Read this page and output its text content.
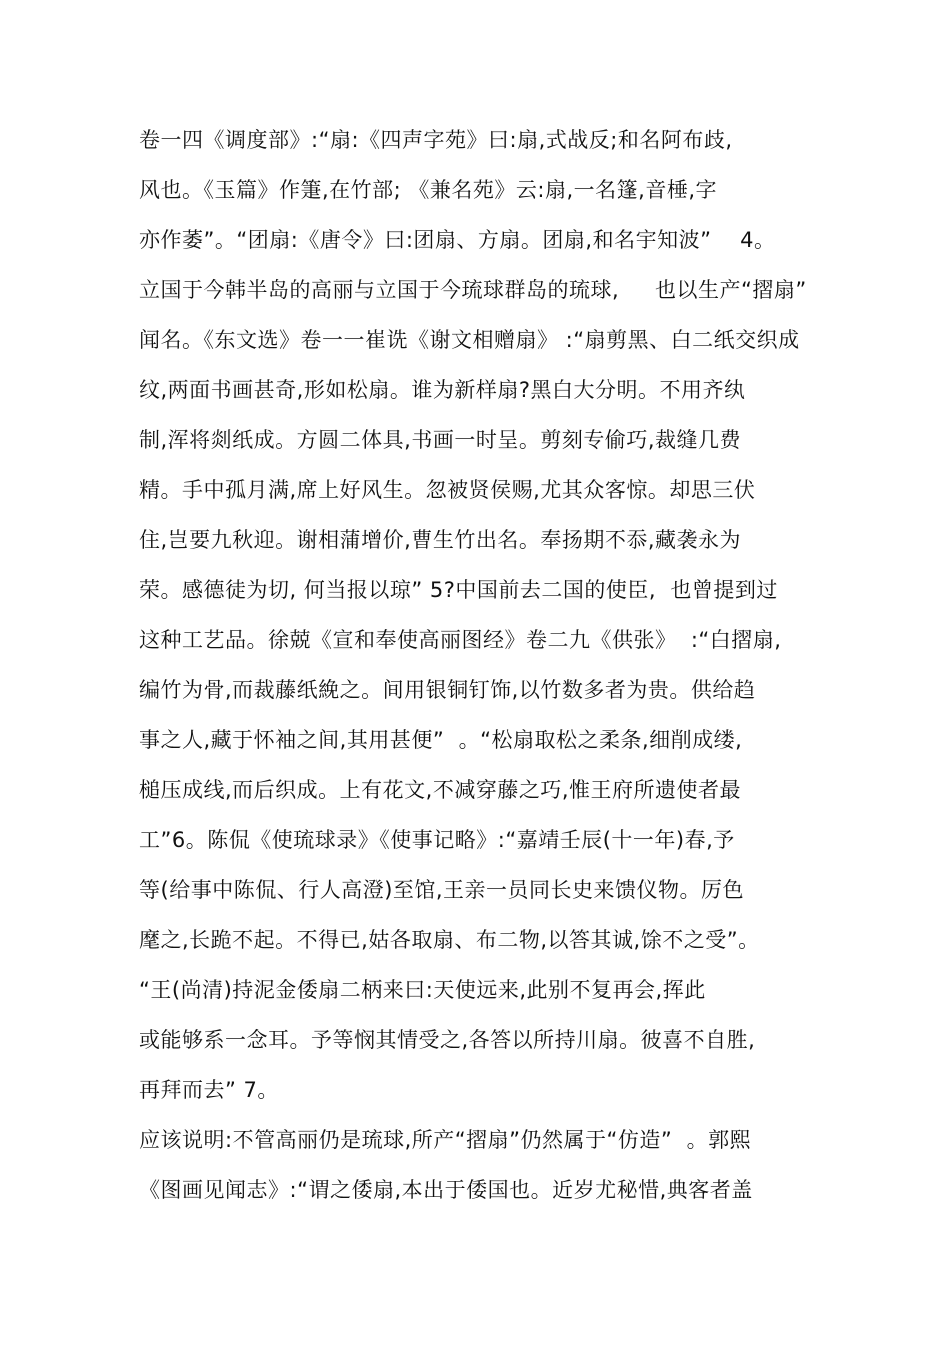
卷一四《调度部》:“扇:《四声字苑》曰:扇,式战反;和名阿布歧,
风也。《玉篇》作箑,在竹部; 《兼名苑》云:扇,一名篷,音棰,字
亦作萎”。“团扇:《唐令》曰:团扇、方扇。团扇,和名宇知波”    4。
立国于今韩半岛的高丽与立国于今琉球群岛的琉球,     也以生产“摺扇”
闻名。《东文选》卷一一崔诜《谢文相赠扇》 :“扇剪黑、白二纸交织成
纹,两面书画甚奇,形如松扇。谁为新样扇?黑白大分明。不用齐纨
制,浑将剡纸成。方圆二体具,书画一时呈。剪刻专偷巧,裁缝几费
精。手中孤月满,席上好风生。忽被贤侯赐,尤其众客惊。却思三伏
住,岂要九秋迎。谢相蒲增价,曹生竹出名。奉扬期不忝,藏袭永为
荣。感德徒为切, 何当报以琼” 5?中国前去二国的使臣,  也曾提到过
这种工艺品。徐兢《宣和奉使高丽图经》卷二九《供张》  :“白摺扇,
编竹为骨,而裁藤纸絻之。间用银铜钉饰,以竹数多者为贵。供给趋
事之人,藏于怀袖之间,其用甚便”  。“松扇取松之柔条,细削成缕,
槌压成线,而后织成。上有花文,不减穿藤之巧,惟王府所遗使者最
工”6。陈侃《使琉球录》《使事记略》:“嘉靖壬辰(十一年)春,予
等(给事中陈侃、行人高澄)至馆,王亲一员同长史来馈仪物。厉色
麾之,长跪不起。不得已,姑各取扇、布二物,以答其诚,馀不之受”。
“王(尚清)持泥金倭扇二柄来曰:天使远来,此别不复再会,挥此
或能够系一念耳。予等悯其情受之,各答以所持川扇。彼喜不自胜,
再拜而去” 7。
应该说明:不管高丽仍是琉球,所产“摺扇”仍然属于“仿造”  。郭熙
《图画见闻志》:“谓之倭扇,本出于倭国也。近岁尤秘惜,典客者盖
